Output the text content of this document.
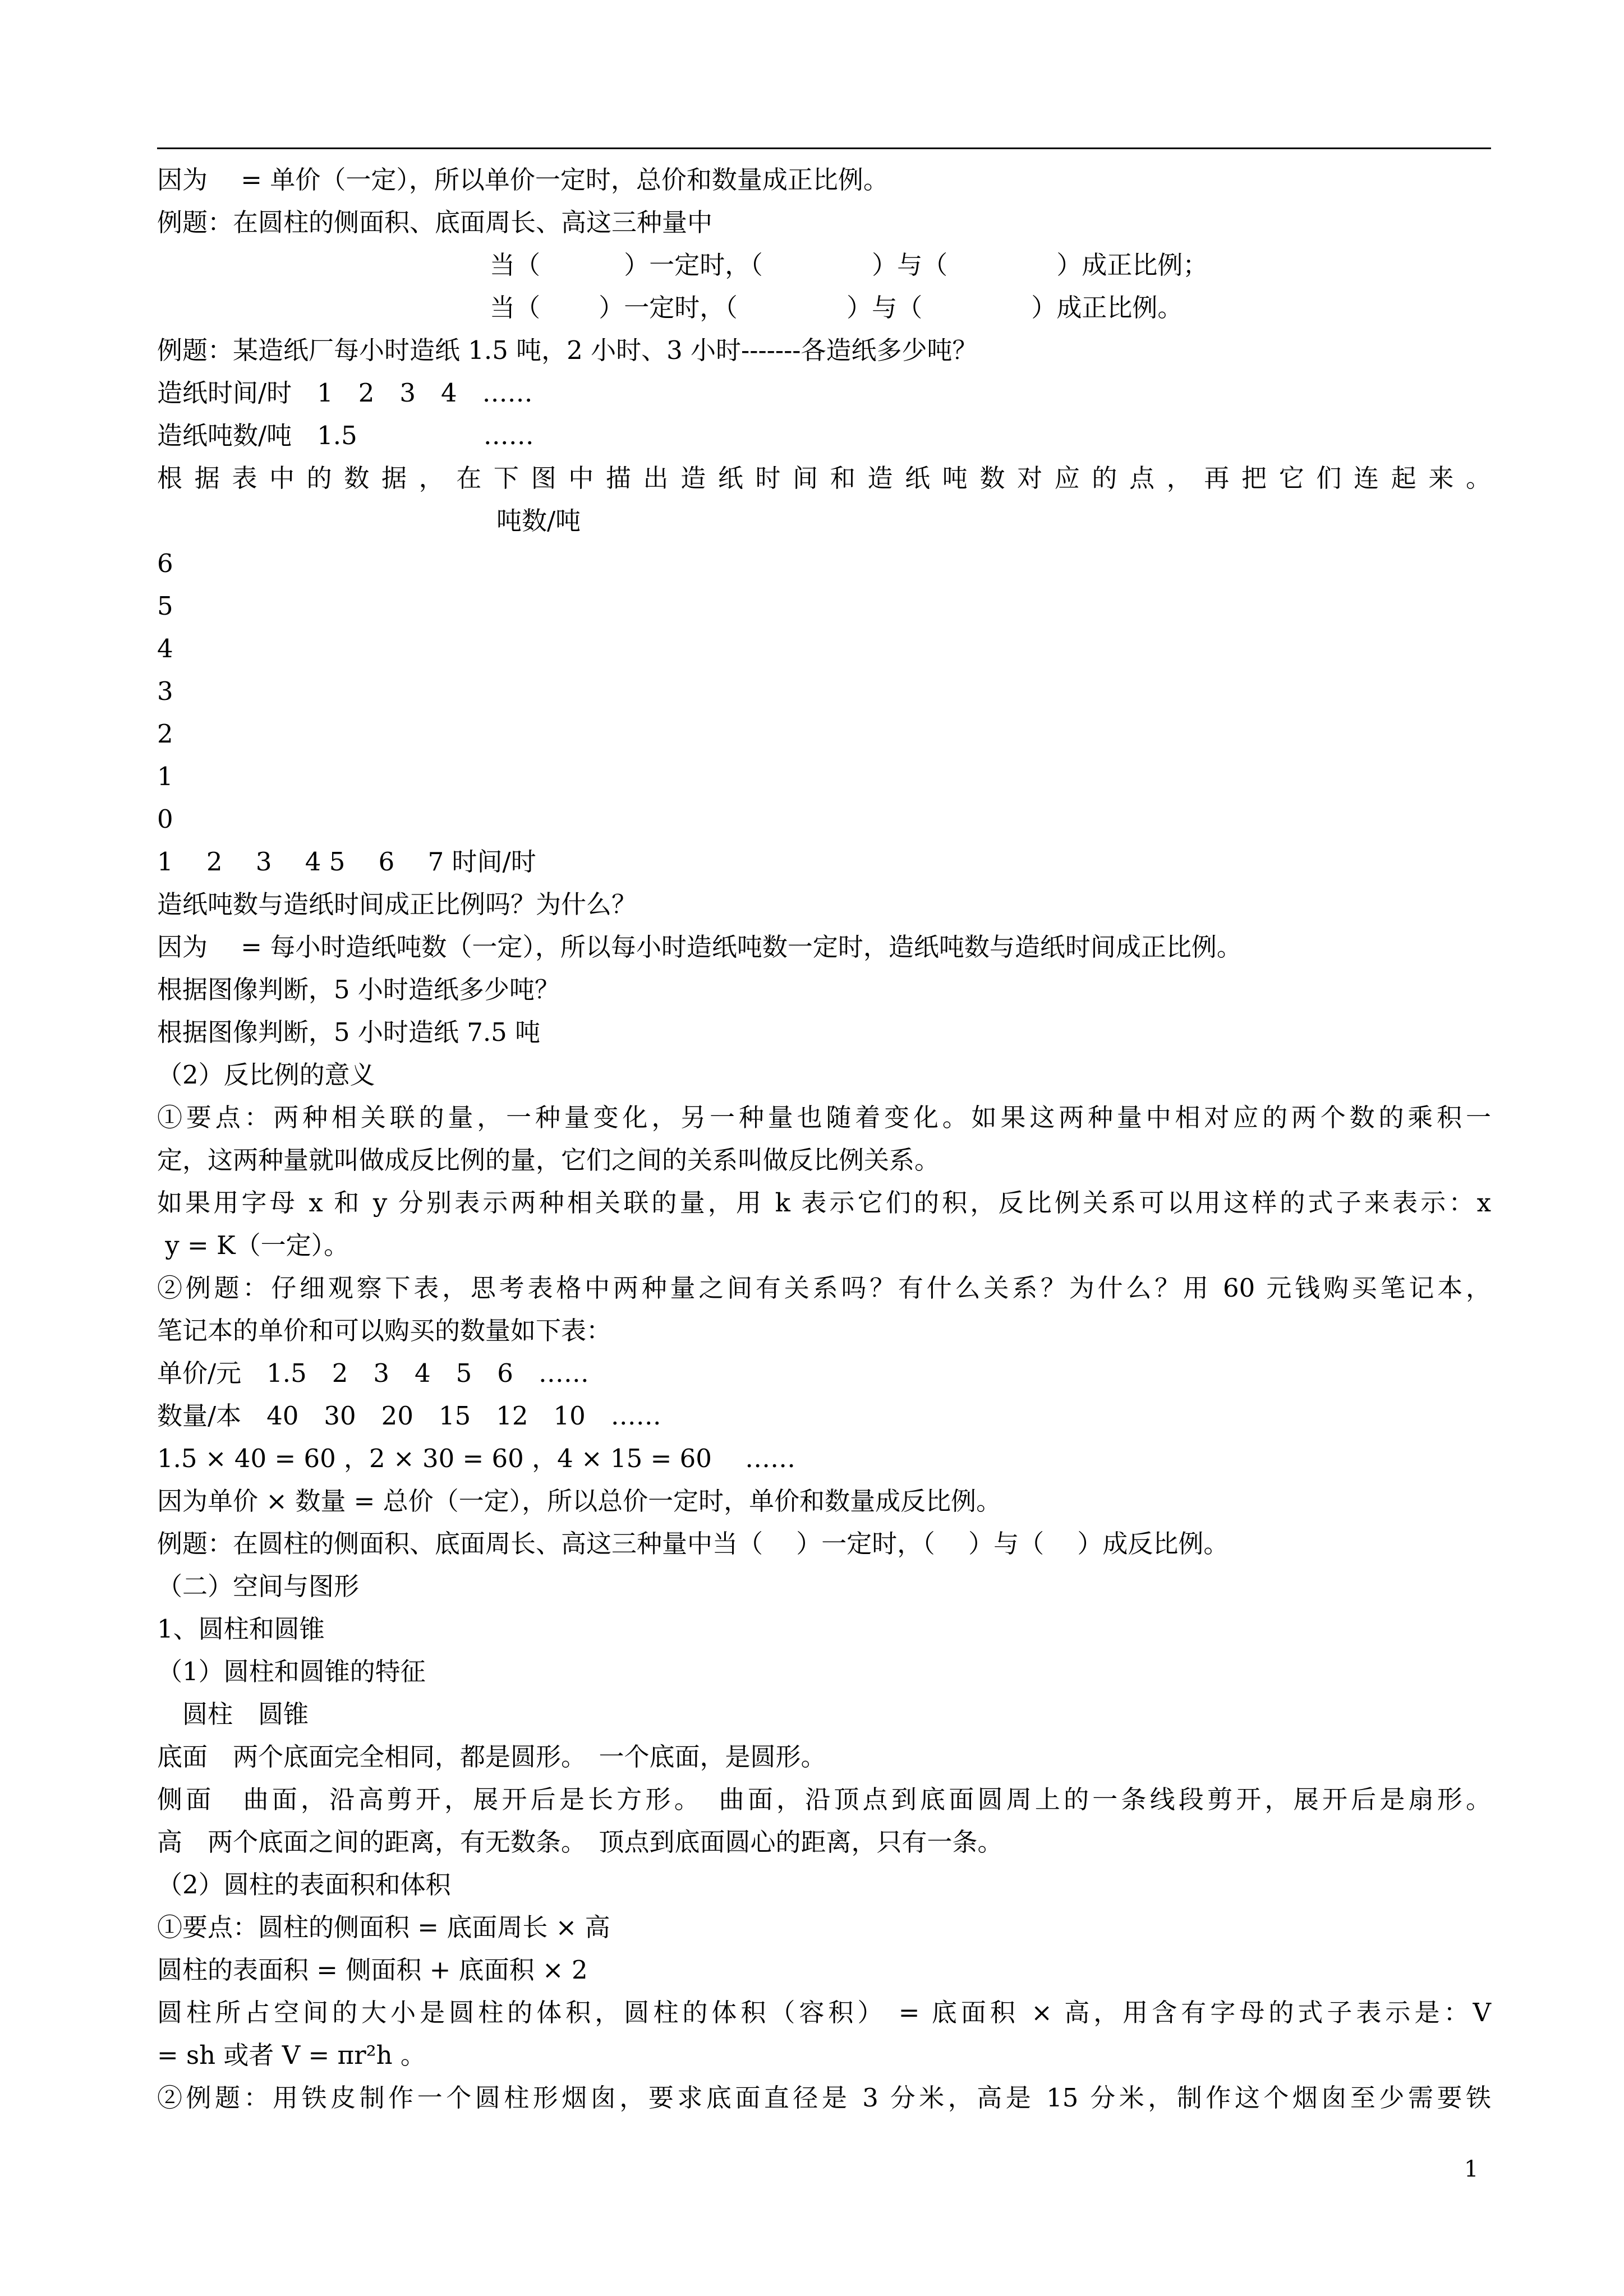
因为 　= 单价（一定），所以单价一定时，总价和数量成正比例。
例题：在圆柱的侧面积、底面周长、高这三种量中
当（ 　　　）一定时，（ 　　　　）与（ 　　　　）成正比例；
当（ 　　）一定时，（ 　　　　）与（ 　　　　）成正比例。
例题：某造纸厂每小时造纸 1.5 吨，2 小时、3 小时-------各造纸多少吨？
造纸时间/时　1　2　3　4　……
造纸吨数/吨　1.5　　　　　……
根据表中的数据，在下图中描出造纸时间和造纸吨数对应的点，再把它们连起来。
吨数/吨
6
5
4
3
2
1
0
1　 2　 3　 4 5　 6　 7 时间/时
造纸吨数与造纸时间成正比例吗？为什么？
因为 　= 每小时造纸吨数（一定），所以每小时造纸吨数一定时，造纸吨数与造纸时间成正比例。
根据图像判断，5 小时造纸多少吨？
根据图像判断，5 小时造纸 7.5 吨
（2）反比例的意义
①要点：两种相关联的量，一种量变化，另一种量也随着变化。如果这两种量中相对应的两个数的乘积一
定，这两种量就叫做成反比例的量，它们之间的关系叫做反比例关系。
如果用字母 x 和 y 分别表示两种相关联的量，用 k 表示它们的积，反比例关系可以用这样的式子来表示：x
y = K（一定）。
②例题：仔细观察下表，思考表格中两种量之间有关系吗？有什么关系？为什么？用 60 元钱购买笔记本，
笔记本的单价和可以购买的数量如下表：
单价/元　1.5　2　3　4　5　6　……
数量/本　40　30　20　15　12　10　……
1.5 × 40 = 60 ，2 × 30 = 60 ，4 × 15 = 60　 ……
因为单价 × 数量 = 总价（一定），所以总价一定时，单价和数量成反比例。
例题：在圆柱的侧面积、底面周长、高这三种量中当（　 ）一定时，（　 ）与（　 ）成反比例。
（二）空间与图形
1、圆柱和圆锥
（1）圆柱和圆锥的特征
　圆柱　圆锥
底面　两个底面完全相同，都是圆形。　一个底面，是圆形。
侧面　曲面，沿高剪开，展开后是长方形。　曲面，沿顶点到底面圆周上的一条线段剪开，展开后是扇形。
高　两个底面之间的距离，有无数条。　顶点到底面圆心的距离，只有一条。
（2）圆柱的表面积和体积
①要点：圆柱的侧面积 = 底面周长 × 高
圆柱的表面积 = 侧面积 + 底面积 × 2
圆柱所占空间的大小是圆柱的体积，圆柱的体积（容积） = 底面积 × 高，用含有字母的式子表示是：V
= sh 或者 V = πr²h 。
②例题：用铁皮制作一个圆柱形烟囱，要求底面直径是 3 分米，高是 15 分米，制作这个烟囱至少需要铁
1
